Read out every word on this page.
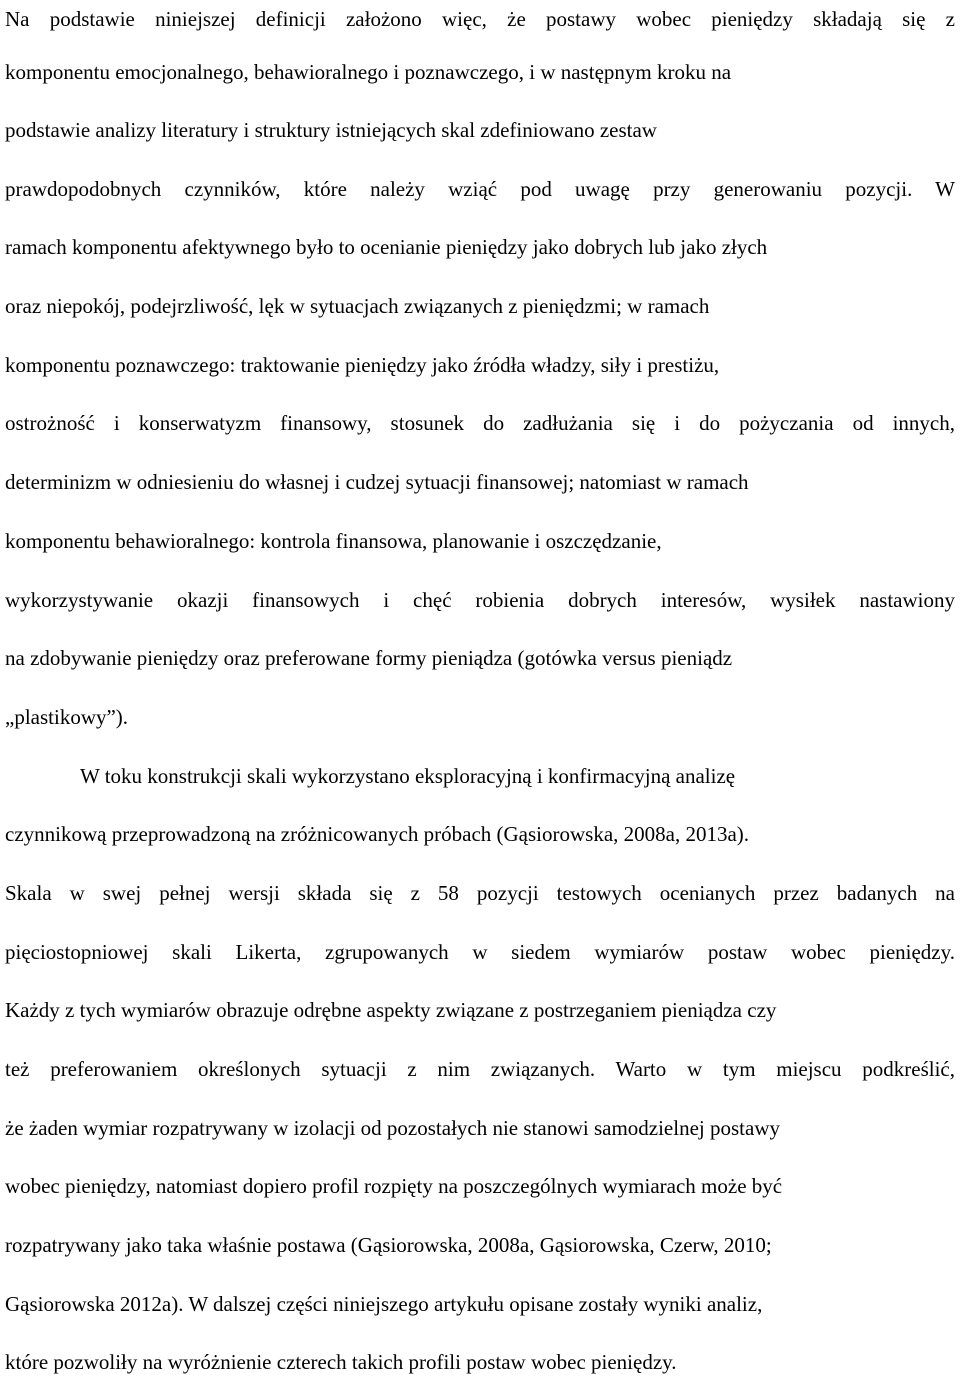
Na podstawie niniejszej definicji założono więc, że postawy wobec pieniędzy składają się z

komponentu emocjonalnego, behawioralnego i poznawczego, i w następnym kroku na

podstawie analizy literatury i struktury istniejących skal zdefiniowano zestaw

prawdopodobnych czynników, które należy wziąć pod uwagę przy generowaniu pozycji. W

ramach komponentu afektywnego było to ocenianie pieniędzy jako dobrych lub jako złych

oraz niepokój, podejrzliwość, lęk w sytuacjach związanych z pieniędzmi; w ramach

komponentu poznawczego: traktowanie pieniędzy jako źródła władzy, siły i prestiżu,

ostrożność i konserwatyzm finansowy, stosunek do zadłużania się i do pożyczania od innych,

determinizm w odniesieniu do własnej i cudzej sytuacji finansowej; natomiast w ramach

komponentu behawioralnego: kontrola finansowa, planowanie i oszczędzanie,

wykorzystywanie okazji finansowych i chęć robienia dobrych interesów, wysiłek nastawiony

na zdobywanie pieniędzy oraz preferowane formy pieniądza (gotówka versus pieniądz

„plastikowy”).

W toku konstrukcji skali wykorzystano eksploracyjną i konfirmacyjną analizę

czynnikową przeprowadzoną na zróżnicowanych próbach (Gąsiorowska, 2008a, 2013a).

Skala w swej pełnej wersji składa się z 58 pozycji testowych ocenianych przez badanych na

pięciostopniowej skali Likerta, zgrupowanych w siedem wymiarów postaw wobec pieniędzy.

Każdy z tych wymiarów obrazuje odrębne aspekty związane z postrzeganiem pieniądza czy

też preferowaniem określonych sytuacji z nim związanych. Warto w tym miejscu podkreślić,

że żaden wymiar rozpatrywany w izolacji od pozostałych nie stanowi samodzielnej postawy

wobec pieniędzy, natomiast dopiero profil rozpięty na poszczególnych wymiarach może być

rozpatrywany jako taka właśnie postawa (Gąsiorowska, 2008a, Gąsiorowska, Czerw, 2010;

Gąsiorowska 2012a). W dalszej części niniejszego artykułu opisane zostały wyniki analiz,

które pozwoliły na wyróżnienie czterech takich profili postaw wobec pieniędzy.
